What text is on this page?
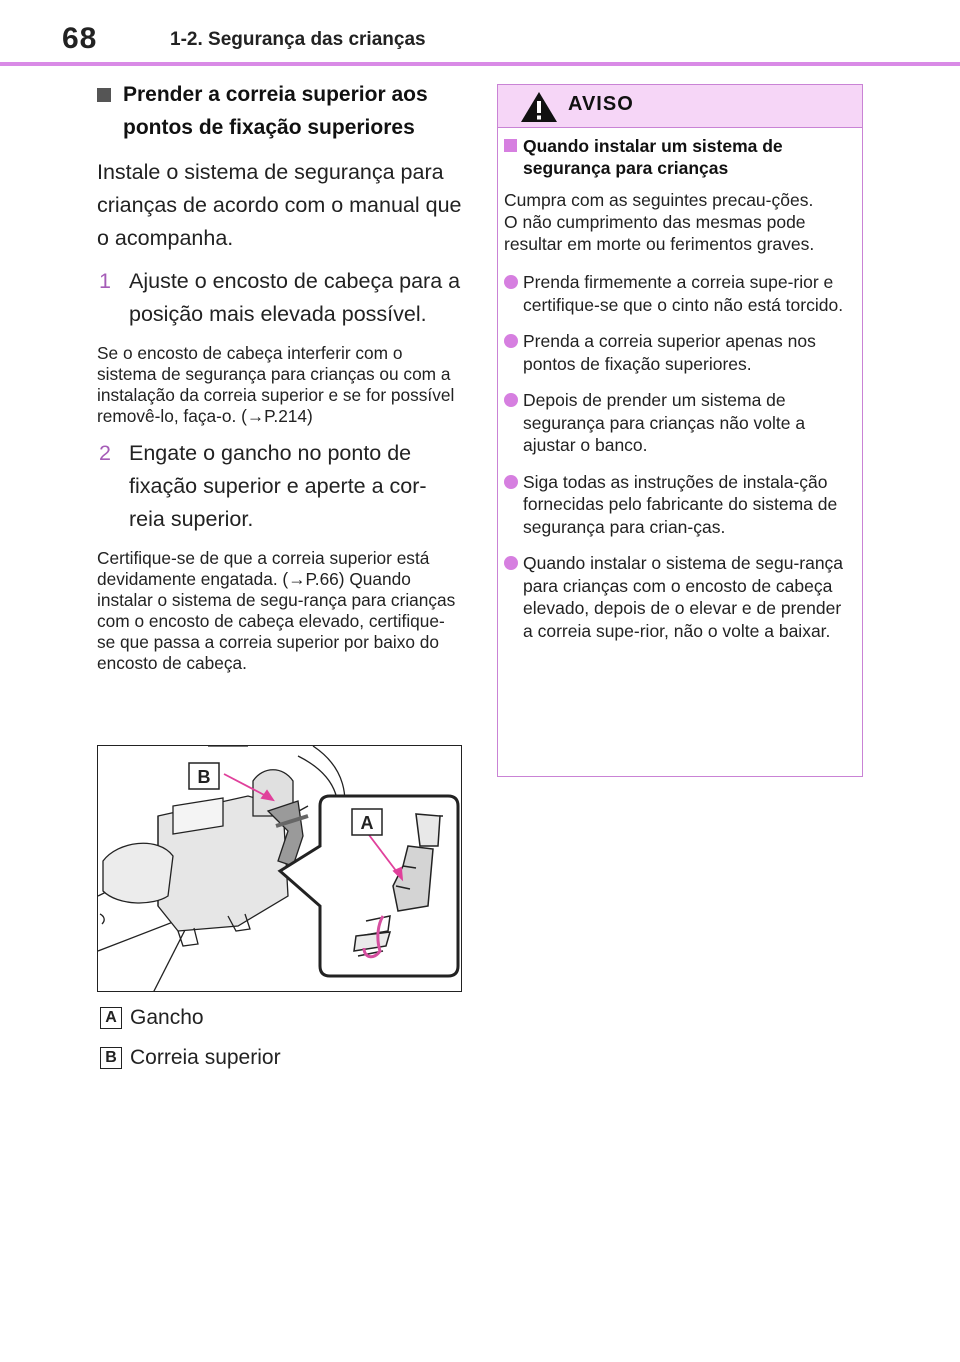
68	1-2. Segurança das crianças
Prender a correia superior aos
pontos de fixação superiores
Instale o sistema de segurança para crianças de acordo com o manual que o acompanha.
1 Ajuste o encosto de cabeça para a posição mais elevada possível.
Se o encosto de cabeça interferir com o sistema de segurança para crianças ou com a instalação da correia superior e se for possível removê-lo, faça-o. (→P.214)
2 Engate o gancho no ponto de fixação superior e aperte a cor-reia superior.
Certifique-se de que a correia superior está devidamente engatada. (→P.66) Quando instalar o sistema de segu-rança para crianças com o encosto de cabeça elevado, certifique-se que passa a correia superior por baixo do encosto de cabeça.
B
A
A Gancho
B Correia superior
AVISO
Quando instalar um sistema de segurança para crianças
Cumpra com as seguintes precau-ções.
O não cumprimento das mesmas pode resultar em morte ou ferimentos graves.
Prenda firmemente a correia supe-rior e certifique-se que o cinto não está torcido.
Prenda a correia superior apenas nos pontos de fixação superiores.
Depois de prender um sistema de segurança para crianças não volte a ajustar o banco.
Siga todas as instruções de instala-ção fornecidas pelo fabricante do sistema de segurança para crian-ças.
Quando instalar o sistema de segu-rança para crianças com o encosto de cabeça elevado, depois de o elevar e de prender a correia supe-rior, não o volte a baixar.
